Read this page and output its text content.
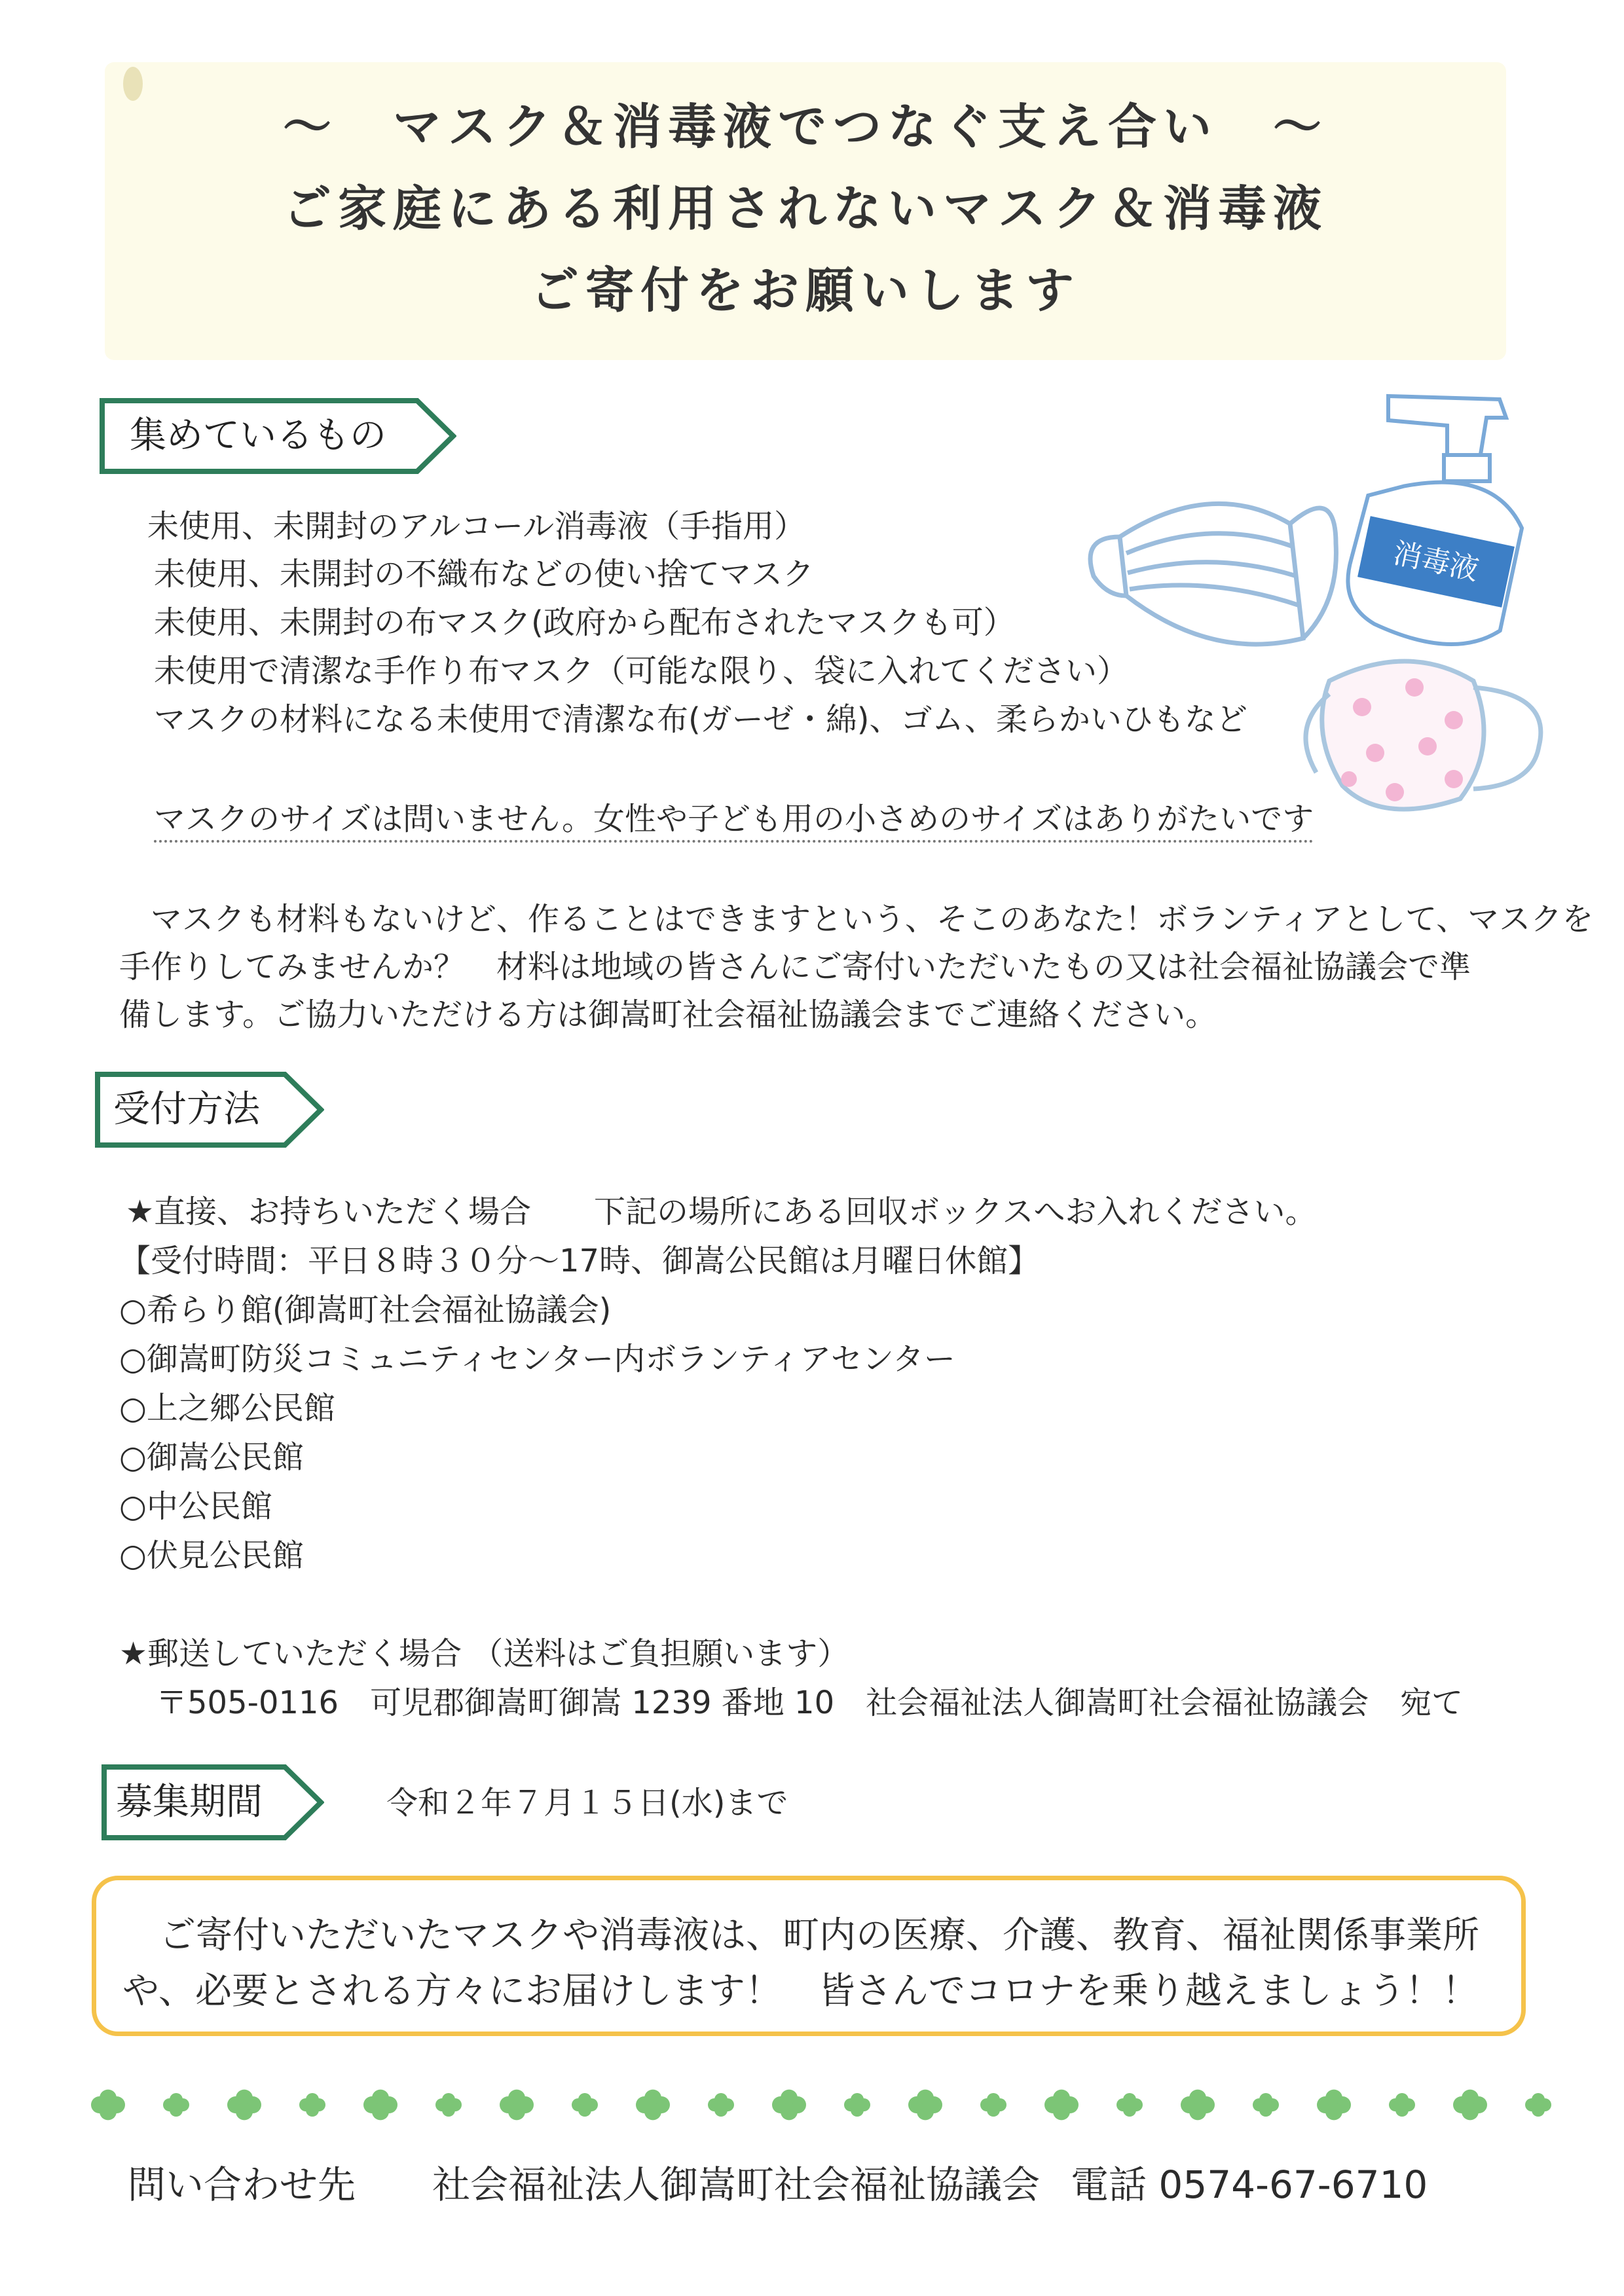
～　マスク＆消毒液でつなぐ支え合い　～
ご家庭にある利用されないマスク＆消毒液
ご寄付をお願いします
集めているもの
未使用、未開封のアルコール消毒液（手指用）
未使用、未開封の不織布などの使い捨てマスク
未使用、未開封の布マスク(政府から配布されたマスクも可）
未使用で清潔な手作り布マスク（可能な限り、袋に入れてください）
マスクの材料になる未使用で清潔な布(ガーゼ・綿)、ゴム、柔らかいひもなど
マスクのサイズは問いません。女性や子ども用の小さめのサイズはありがたいです
消毒液
　マスクも材料もないけど、作ることはできますという、そこのあなた！ボランティアとして、マスクを
手作りしてみませんか？　材料は地域の皆さんにご寄付いただいたもの又は社会福祉協議会で準
備します。ご協力いただける方は御嵩町社会福祉協議会までご連絡ください。
受付方法
★直接、お持ちいただく場合　　下記の場所にある回収ボックスへお入れください。
【受付時間：平日８時３０分～17時、御嵩公民館は月曜日休館】
○希らり館(御嵩町社会福祉協議会)
○御嵩町防災コミュニティセンター内ボランティアセンター
○上之郷公民館
○御嵩公民館
○中公民館
○伏見公民館
★郵送していただく場合 （送料はご負担願います）
〒505-0116　可児郡御嵩町御嵩 1239 番地 10　社会福祉法人御嵩町社会福祉協議会　宛て
募集期間	令和２年７月１５日(水)まで
　ご寄付いただいたマスクや消毒液は、町内の医療、介護、教育、福祉関係事業所
や、必要とされる方々にお届けします！　皆さんでコロナを乗り越えましょう！！
問い合わせ先 社会福祉法人御嵩町社会福祉協議会 電話 0574-67-6710
